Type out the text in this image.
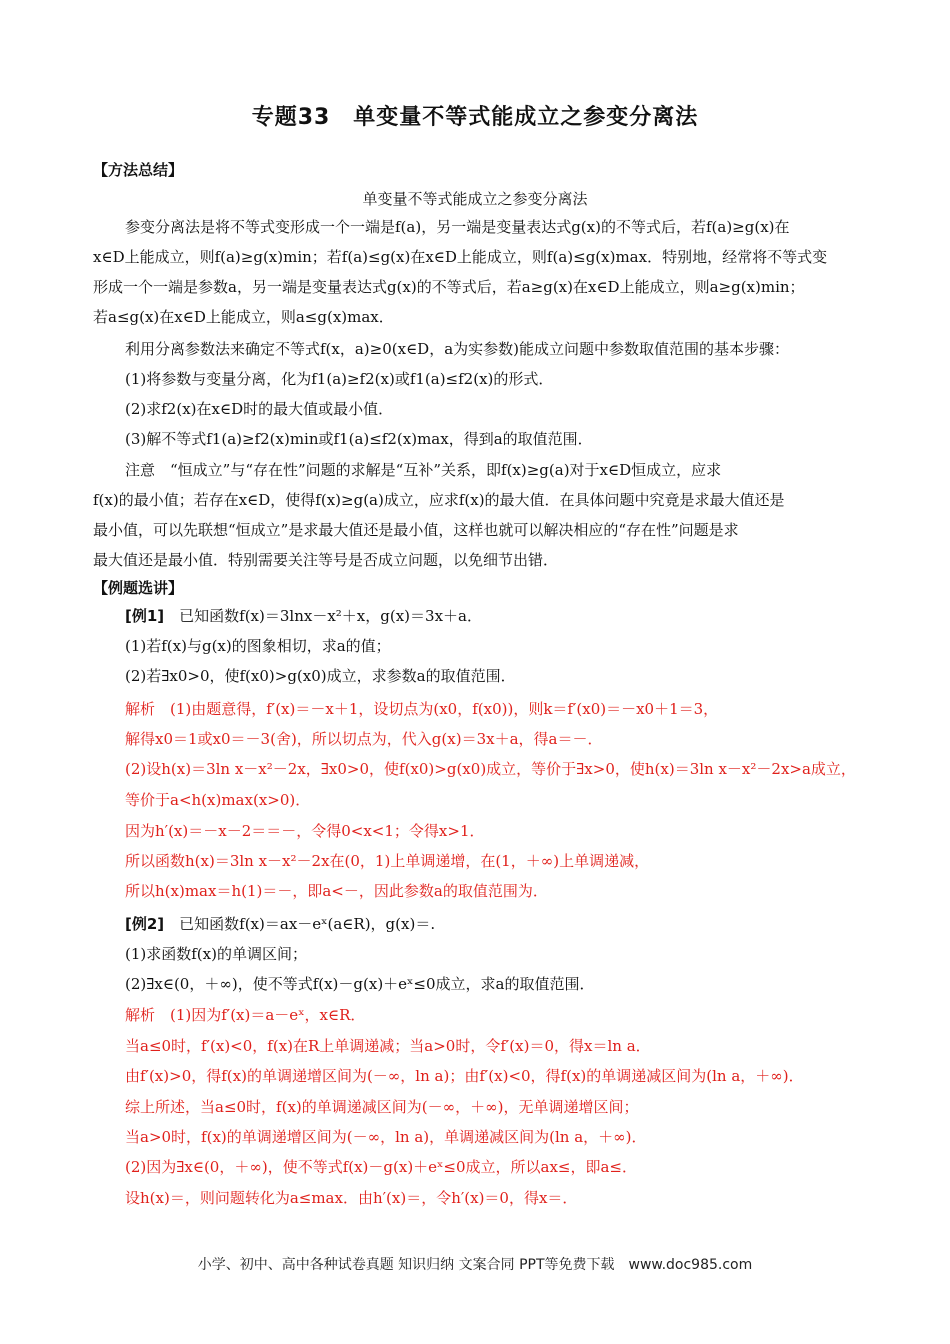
专题33　单变量不等式能成立之参变分离法
【方法总结】
单变量不等式能成立之参变分离法
参变分离法是将不等式变形成一个一端是f(a)，另一端是变量表达式g(x)的不等式后，若f(a)≥g(x)在
x∈D上能成立，则f(a)≥g(x)min；若f(a)≤g(x)在x∈D上能成立，则f(a)≤g(x)max．特别地，经常将不等式变
形成一个一端是参数a，另一端是变量表达式g(x)的不等式后，若a≥g(x)在x∈D上能成立，则a≥g(x)min；
若a≤g(x)在x∈D上能成立，则a≤g(x)max．
利用分离参数法来确定不等式f(x，a)≥0(x∈D，a为实参数)能成立问题中参数取值范围的基本步骤：
(1)将参数与变量分离，化为f1(a)≥f2(x)或f1(a)≤f2(x)的形式．
(2)求f2(x)在x∈D时的最大值或最小值．
(3)解不等式f1(a)≥f2(x)min或f1(a)≤f2(x)max，得到a的取值范围．
注意　“恒成立”与“存在性”问题的求解是“互补”关系，即f(x)≥g(a)对于x∈D恒成立，应求
f(x)的最小值；若存在x∈D，使得f(x)≥g(a)成立，应求f(x)的最大值．在具体问题中究竟是求最大值还是
最小值，可以先联想“恒成立”是求最大值还是最小值，这样也就可以解决相应的“存在性”问题是求
最大值还是最小值．特别需要关注等号是否成立问题，以免细节出错．
【例题选讲】
[例1]　已知函数f(x)＝3lnx－x²＋x，g(x)＝3x＋a．
(1)若f(x)与g(x)的图象相切，求a的值；
(2)若∃x0>0，使f(x0)>g(x0)成立，求参数a的取值范围．
解析　(1)由题意得，f′(x)＝－x＋1，设切点为(x0，f(x0))，则k＝f′(x0)＝－x0＋1＝3，
解得x0＝1或x0＝－3(舍)，所以切点为，代入g(x)＝3x＋a，得a＝－．
(2)设h(x)＝3ln x－x²－2x，∃x0>0，使f(x0)>g(x0)成立，等价于∃x>0，使h(x)＝3ln x－x²－2x>a成立，
等价于a<h(x)max(x>0)．
因为h′(x)＝－x－2＝＝－，令得0<x<1；令得x>1．
所以函数h(x)＝3ln x－x²－2x在(0，1)上单调递增，在(1，＋∞)上单调递减，
所以h(x)max＝h(1)＝－，即a<－，因此参数a的取值范围为．
[例2]　已知函数f(x)＝ax－eˣ(a∈R)，g(x)＝.
(1)求函数f(x)的单调区间；
(2)∃x∈(0，＋∞)，使不等式f(x)－g(x)＋eˣ≤0成立，求a的取值范围．
解析　(1)因为f′(x)＝a－eˣ，x∈R．
当a≤0时，f′(x)<0，f(x)在R上单调递减；当a>0时，令f′(x)＝0，得x＝ln a．
由f′(x)>0，得f(x)的单调递增区间为(－∞，ln a)；由f′(x)<0，得f(x)的单调递减区间为(ln a，＋∞)．
综上所述，当a≤0时，f(x)的单调递减区间为(－∞，＋∞)，无单调递增区间；
当a>0时，f(x)的单调递增区间为(－∞，ln a)，单调递减区间为(ln a，＋∞)．
(2)因为∃x∈(0，＋∞)，使不等式f(x)－g(x)＋eˣ≤0成立，所以ax≤，即a≤．
设h(x)＝，则问题转化为a≤max．由h′(x)＝，令h′(x)＝0，得x＝．
小学、初中、高中各种试卷真题 知识归纳 文案合同 PPT等免费下载　www.doc985.com
